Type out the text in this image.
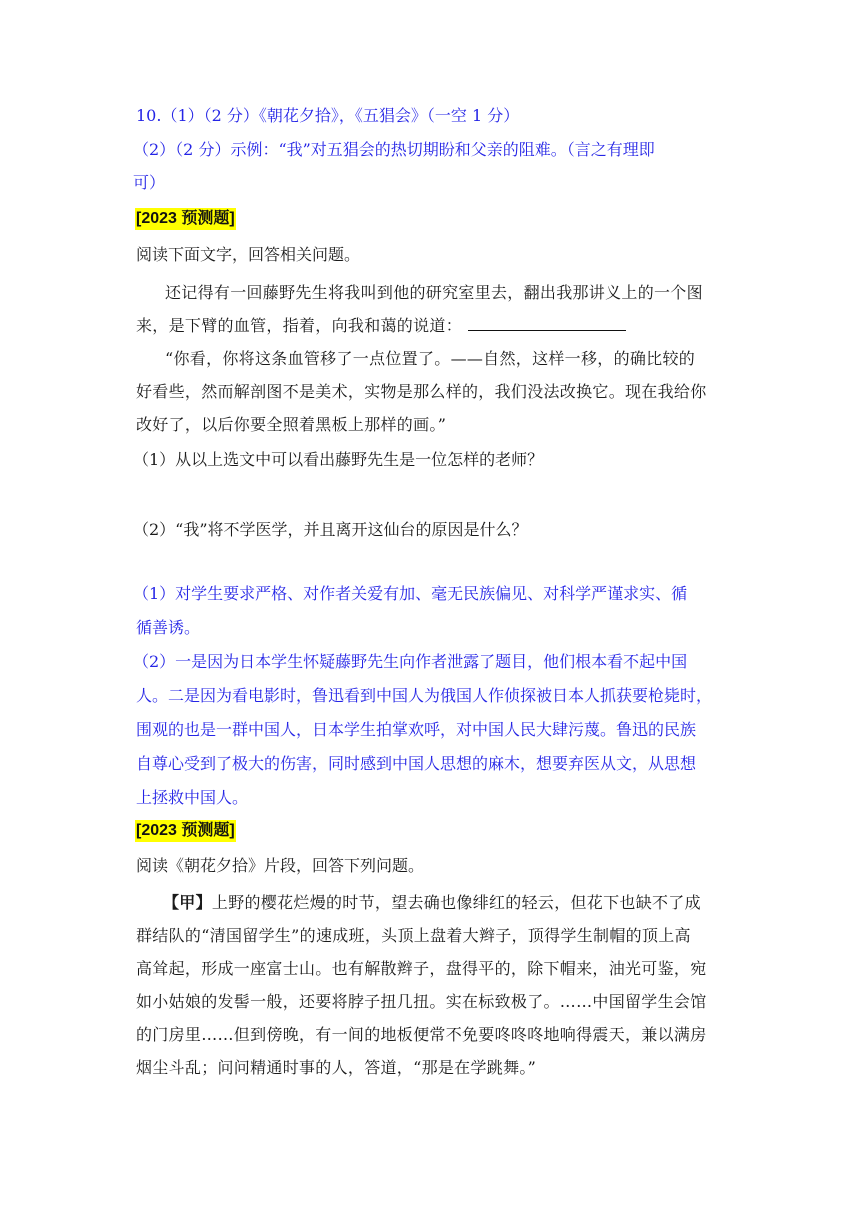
10.（1）（2 分）《朝花夕拾》，《五猖会》（一空 1 分）
（2）（2 分）示例：“我”对五猖会的热切期盼和父亲的阻难。（言之有理即
可）
[2023 预测题]
阅读下面文字，回答相关问题。
还记得有一回藤野先生将我叫到他的研究室里去，翻出我那讲义上的一个图
来，是下臂的血管，指着，向我和蔼的说道：
“你看，你将这条血管移了一点位置了。——自然，这样一移，的确比较的
好看些，然而解剖图不是美术，实物是那么样的，我们没法改换它。现在我给你
改好了，以后你要全照着黑板上那样的画。”
（1）从以上选文中可以看出藤野先生是一位怎样的老师？
（2）“我”将不学医学，并且离开这仙台的原因是什么？
（1）对学生要求严格、对作者关爱有加、毫无民族偏见、对科学严谨求实、循
循善诱。
（2）一是因为日本学生怀疑藤野先生向作者泄露了题目，他们根本看不起中国
人。二是因为看电影时，鲁迅看到中国人为俄国人作侦探被日本人抓获要枪毙时，
围观的也是一群中国人，日本学生拍掌欢呼，对中国人民大肆污蔑。鲁迅的民族
自尊心受到了极大的伤害，同时感到中国人思想的麻木，想要弃医从文，从思想
上拯救中国人。
[2023 预测题]
阅读《朝花夕拾》片段，回答下列问题。
【甲】上野的樱花烂熳的时节，望去确也像绯红的轻云，但花下也缺不了成
群结队的“清国留学生”的速成班，头顶上盘着大辫子，顶得学生制帽的顶上高
高耸起，形成一座富士山。也有解散辫子，盘得平的，除下帽来，油光可鉴，宛
如小姑娘的发髻一般，还要将脖子扭几扭。实在标致极了。……中国留学生会馆
的门房里……但到傍晚，有一间的地板便常不免要咚咚咚地响得震天，兼以满房
烟尘斗乱；问问精通时事的人，答道，“那是在学跳舞。”
